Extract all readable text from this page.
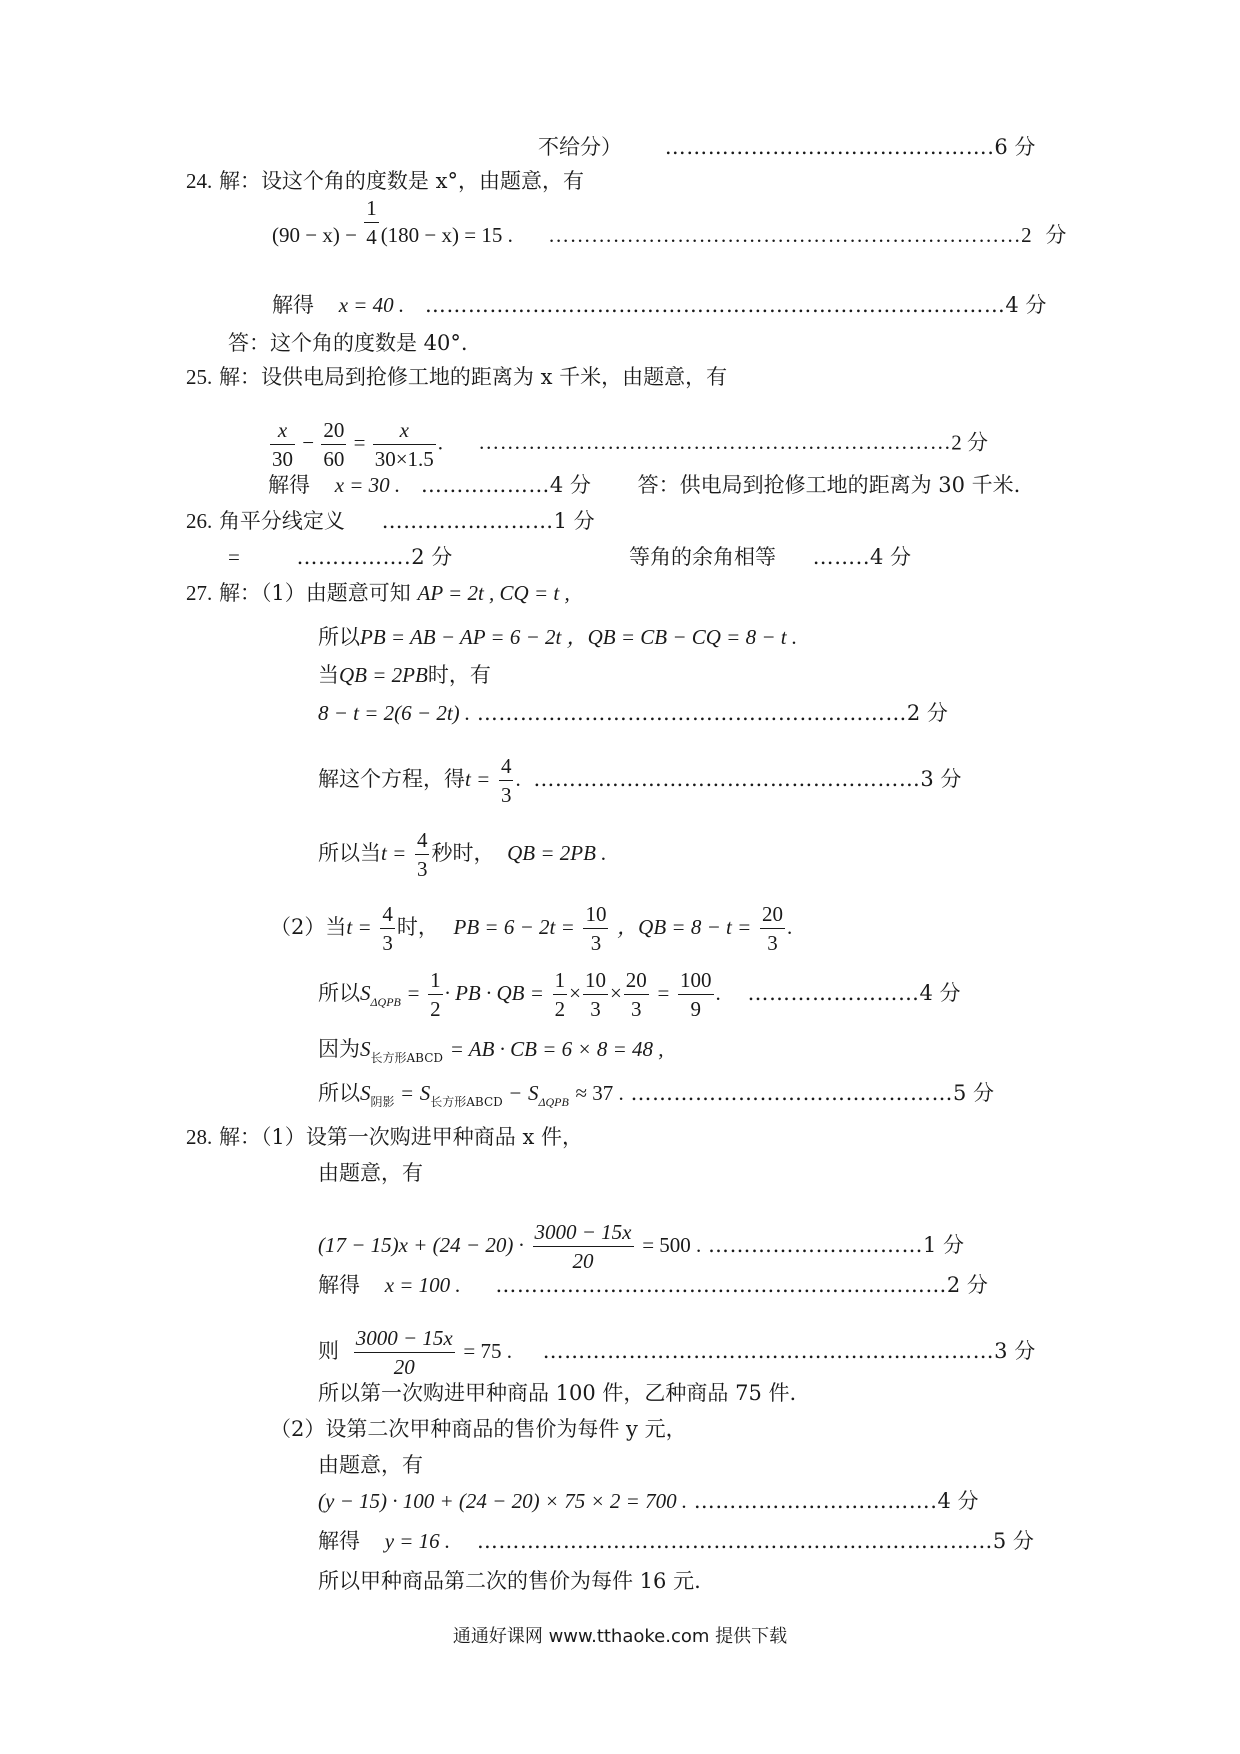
不给分） ……………………………………….6 分
24. 解：设这个角的度数是 x°，由题意，有
$(90 - x) - \frac{1}{4} (180 - x) = 15$ . …………………………………………………………2 分
解得 x = 40 . ………………………………………………………………………4 分
答：这个角的度数是 40°.
25. 解：设供电局到抢修工地的距离为 x 千米，由题意，有
$\frac{x}{30} - \frac{20}{60} = \frac{x}{30\times 1.5}$ . …………………………………………………………2 分
解得 x = 30 . ………………4 分 答：供电局到抢修工地的距离为 30 千米.
26. 角平分线定义 ……………………1 分
=	…………….2 分	等角的余角相等 ……..4 分
27. 解：（1）由题意可知 AP = 2t , CQ = t ,
所以PB = AB − AP = 6 − 2t ，QB = CB − CQ = 8 − t .
当QB = 2PB时，有
8 − t = 2(6 − 2t) . ……………………………………………………2 分
解这个方程，得$t = \frac{4}{3}$ . ………………………………………………3 分
所以当$t = \frac{4}{3}$ 秒时， QB = 2PB .
（2）当$t = \frac{4}{3}$ 时， PB = $6 - 2t = \frac{10}{3}$ ，QB = $8 - t = \frac{20}{3}$ .
所以$S_{\Delta QPB} = \frac{1}{2}$ · PB · QB = $\frac{1}{2} \times \frac{10}{3} \times \frac{20}{3} = \frac{100}{9}$ . ……………………4 分
因为$S_{长方形ABCD}$ = AB · CB = 6 × 8 = 48 ,
所以$S_{阴影} = S_{长方形ABCD} - S_{\Delta QPB} \approx 37$ . ………………………………………5 分
28. 解：（1）设第一次购进甲种商品 x 件，
由题意，有
$(17 - 15)x + (24 - 20) \cdot \frac{3000 - 15x}{20} = 500$ . …………………………1 分
解得 x = 100 . ………………………………………………………2 分
则 $\frac{3000 - 15x}{20} = 75$ . ………………………………………………………3 分
所以第一次购进甲种商品 100 件，乙种商品 75 件.
（2）设第二次甲种商品的售价为每件 y 元，
由题意，有
(y − 15) · 100 + (24 − 20) × 75 × 2 = 700 . …………………………….4 分
解得 y = 16 . ………………………………………………………………5 分
所以甲种商品第二次的售价为每件 16 元.
通通好课网 www.tthaoke.com 提供下载
